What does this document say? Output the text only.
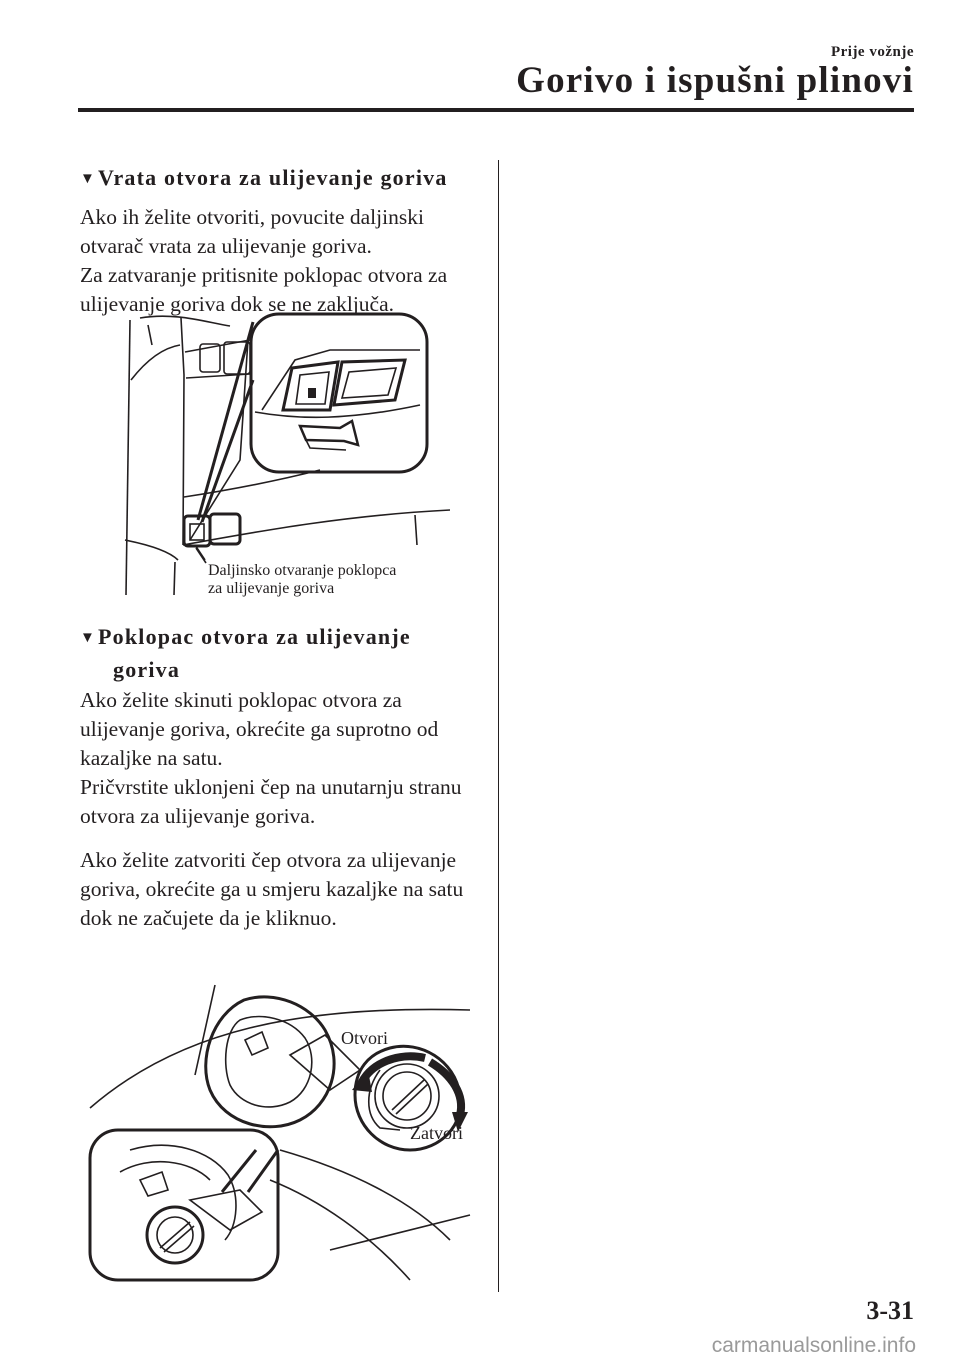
Prije vožnje
Gorivo i ispušni plinovi
▼Vrata otvora za ulijevanje goriva
Ako ih želite otvoriti, povucite daljinski otvarač vrata za ulijevanje goriva.
Za zatvaranje pritisnite poklopac otvora za ulijevanje goriva dok se ne zaključa.
Daljinsko otvaranje poklopca
za ulijevanje goriva
▼Poklopac otvora za ulijevanje
goriva
Ako želite skinuti poklopac otvora za ulijevanje goriva, okrećite ga suprotno od kazaljke na satu.
Pričvrstite uklonjeni čep na unutarnju stranu otvora za ulijevanje goriva.
Ako želite zatvoriti čep otvora za ulijevanje goriva, okrećite ga u smjeru kazaljke na satu dok ne začujete da je kliknuo.
Otvori
Zatvori
3-31
carmanualsonline.info
